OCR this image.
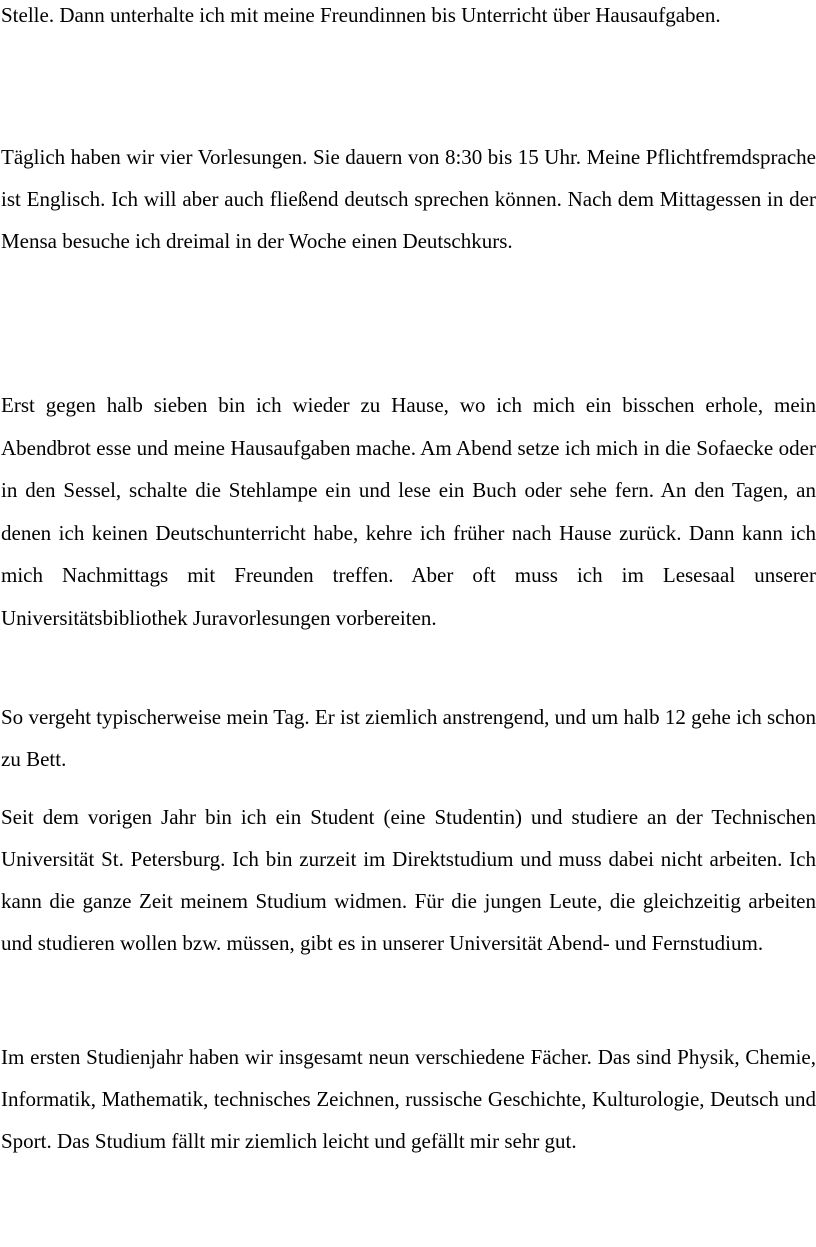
Stelle. Dann unterhalte ich mit meine Freundinnen bis Unterricht über Hausaufgaben.

Täglich haben wir vier Vorlesungen. Sie dauern von 8:30 bis 15 Uhr. Meine Pflichtfremdsprache ist Englisch. Ich will aber auch fließend deutsch sprechen können. Nach dem Mittagessen in der Mensa besuche ich dreimal in der Woche einen Deutschkurs.

Erst gegen halb sieben bin ich wieder zu Hause, wo ich mich ein bisschen erhole, mein Abendbrot esse und meine Hausaufgaben mache. Am Abend setze ich mich in die Sofaecke oder in den Sessel, schalte die Stehlampe ein und lese ein Buch oder sehe fern. An den Tagen, an denen ich keinen Deutschunterricht habe, kehre ich früher nach Hause zurück. Dann kann ich mich Nachmittags mit Freunden treffen. Aber oft muss ich im Lesesaal unserer Universitätsbibliothek Juravorlesungen vorbereiten.

So vergeht typischerweise mein Tag. Er ist ziemlich anstrengend, und um halb 12 gehe ich schon zu Bett.

Seit dem vorigen Jahr bin ich ein Student (eine Studentin) und studiere an der Technischen Universität St. Petersburg. Ich bin zurzeit im Direktstudium und muss dabei nicht arbeiten. Ich kann die ganze Zeit meinem Studium widmen. Für die jungen Leute, die gleichzeitig arbeiten und studieren wollen bzw. müssen, gibt es in unserer Universität Abend- und Fernstudium.

Im ersten Studienjahr haben wir insgesamt neun verschiedene Fächer. Das sind Physik, Chemie, Informatik, Mathematik, technisches Zeichnen, russische Geschichte, Kulturologie, Deutsch und Sport. Das Studium fällt mir ziemlich leicht und gefällt mir sehr gut.
